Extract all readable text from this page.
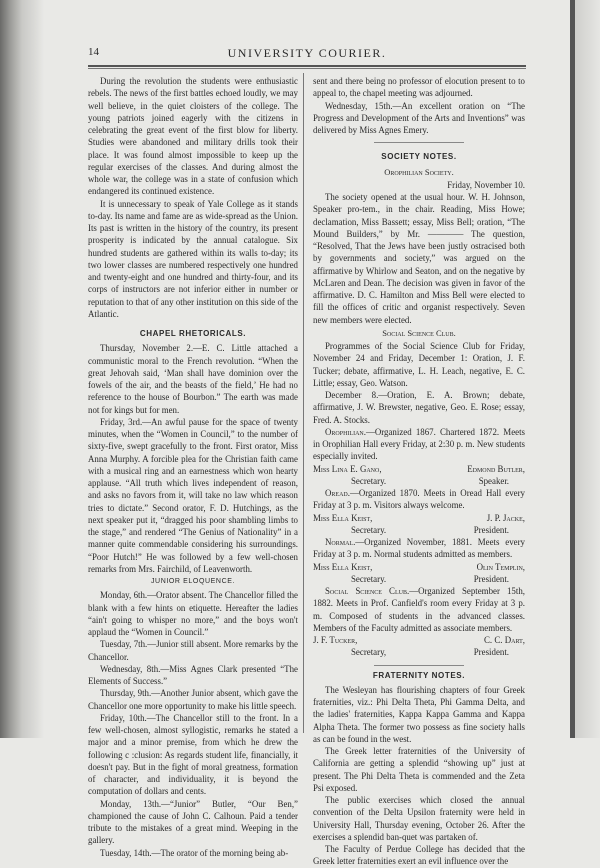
14	UNIVERSITY COURIER.

During the revolution the students were enthusiastic rebels. The news of the first battles echoed loudly, we may well believe, in the quiet cloisters of the college. The young patriots joined eagerly with the citizens in celebrating the great event of the first blow for liberty. Studies were abandoned and military drills took their place. It was found almost impossible to keep up the regular exercises of the classes. And during almost the whole war, the college was in a state of confusion which endangered its continued existence.

It is unnecessary to speak of Yale College as it stands to-day. Its name and fame are as wide-spread as the Union. Its past is written in the history of the country, its present prosperity is indicated by the annual catalogue. Six hundred students are gathered within its walls to-day; its two lower classes are numbered respectively one hundred and twenty-eight and one hundred and thirty-four, and its corps of instructors are not inferior either in number or reputation to that of any other institution on this side of the Atlantic.

CHAPEL RHETORICALS.

Thursday, November 2.—E. C. Little attached a communistic moral to the French revolution. “When the great Jehovah said, ‘Man shall have dominion over the fowels of the air, and the beasts of the field,’ He had no reference to the house of Bourbon.” The earth was made not for kings but for men.

Friday, 3rd.—An awful pause for the space of twenty minutes, when the “Women in Council,” to the number of sixty-five, swept gracefully to the front. First orator, Miss Anna Murphy. A forcible plea for the Christian faith came with a musical ring and an earnestness which won hearty applause. “All truth which lives independent of reason, and asks no favors from it, will take no law which reason tries to dictate.” Second orator, F. D. Hutchings, as the next speaker put it, “dragged his poor shambling limbs to the stage,” and rendered “The Genius of Nationality” in a manner quite commendable considering his surroundings. “Poor Hutch!” He was followed by a few well-chosen remarks from Mrs. Fairchild, of Leavenworth.

JUNIOR ELOQUENCE.

Monday, 6th.—Orator absent. The Chancellor filled the blank with a few hints on etiquette. Hereafter the ladies “ain't going to whisper no more,” and the boys won't applaud the “Women in Council.”

Tuesday, 7th.—Junior still absent. More remarks by the Chancellor.

Wednesday, 8th.—Miss Agnes Clark presented “The Elements of Success.”

Thursday, 9th.—Another Junior absent, which gave the Chancellor one more opportunity to make his little speech.

Friday, 10th.—The Chancellor still to the front. In a few well-chosen, almost syllogistic, remarks he stated a major and a minor premise, from which he drew the following c :clusion: As regards student life, financially, it doesn't pay. But in the fight of moral greatness, formation of character, and individuality, it is beyond the computation of dollars and cents.

Monday, 13th.—“Junior” Butler, “Our Ben,” championed the cause of John C. Calhoun. Paid a tender tribute to the mistakes of a great mind. Weeping in the gallery.

Tuesday, 14th.—The orator of the morning being ab-

sent and there being no professor of elocution present to to appeal to, the chapel meeting was adjourned.

Wednesday, 15th.—An excellent oration on “The Progress and Development of the Arts and Inventions” was delivered by Miss Agnes Emery.

SOCIETY NOTES.
Orophilian Society.
Friday, November 10.

The society opened at the usual hour. W. H. Johnson, Speaker pro-tem., in the chair. Reading, Miss Howe; declamation, Miss Bassett; essay, Miss Bell; oration, “The Mound Builders,” by Mr. ———— The question, “Resolved, That the Jews have been justly ostracised both by governments and society,” was argued on the affirmative by Whirlow and Seaton, and on the negative by McLaren and Dean. The decision was given in favor of the affirmative. D. C. Hamilton and Miss Bell were elected to fill the offices of critic and organist respectively. Seven new members were elected.

Social Science Club.

Programmes of the Social Science Club for Friday, November 24 and Friday, December 1: Oration, J. F. Tucker; debate, affirmative, L. H. Leach, negative, E. C. Little; essay, Geo. Watson.

December 8.—Oration, E. A. Brown; debate, affirmative, J. W. Brewster, negative, Geo. E. Rose; essay, Fred. A. Stocks.

Orophilian.—Organized 1867. Chartered 1872. Meets in Orophilian Hall every Friday, at 2:30 p. m. New students especially invited.

Miss Lina E. Gano,	Edmond Butler,
Secretary.	Speaker.

Oread.—Organized 1870. Meets in Oread Hall every Friday at 3 p. m. Visitors always welcome.

Miss Ella Keist,	J. P. Jacke,
Secretary.	President.

Normal.—Organized November, 1881. Meets every Friday at 3 p. m. Normal students admitted as members.

Miss Ella Keist,	Olin Templin,
Secretary.	President.

Social Science Club.—Organized September 15th, 1882. Meets in Prof. Canfield's room every Friday at 3 p. m. Composed of students in the advanced classes. Members of the Faculty admitted as associate members.

J. F. Tucker,	C. C. Dart,
Secretary,	President.
FRATERNITY NOTES.

The Wesleyan has flourishing chapters of four Greek fraternities, viz.: Phi Delta Theta, Phi Gamma Delta, and the ladies' fraternities, Kappa Kappa Gamma and Kappa Alpha Theta. The former two possess as fine society halls as can be found in the west.

The Greek letter fraternities of the University of California are getting a splendid “showing up” just at present. The Phi Delta Theta is commended and the Zeta Psi exposed.

The public exercises which closed the annual convention of the Delta Upsilon fraternity were held in University Hall, Thursday evening, October 26. After the exercises a splendid ban-quet was partaken of.

The Faculty of Perdue College has decided that the Greek letter fraternities exert an evil influence over the
